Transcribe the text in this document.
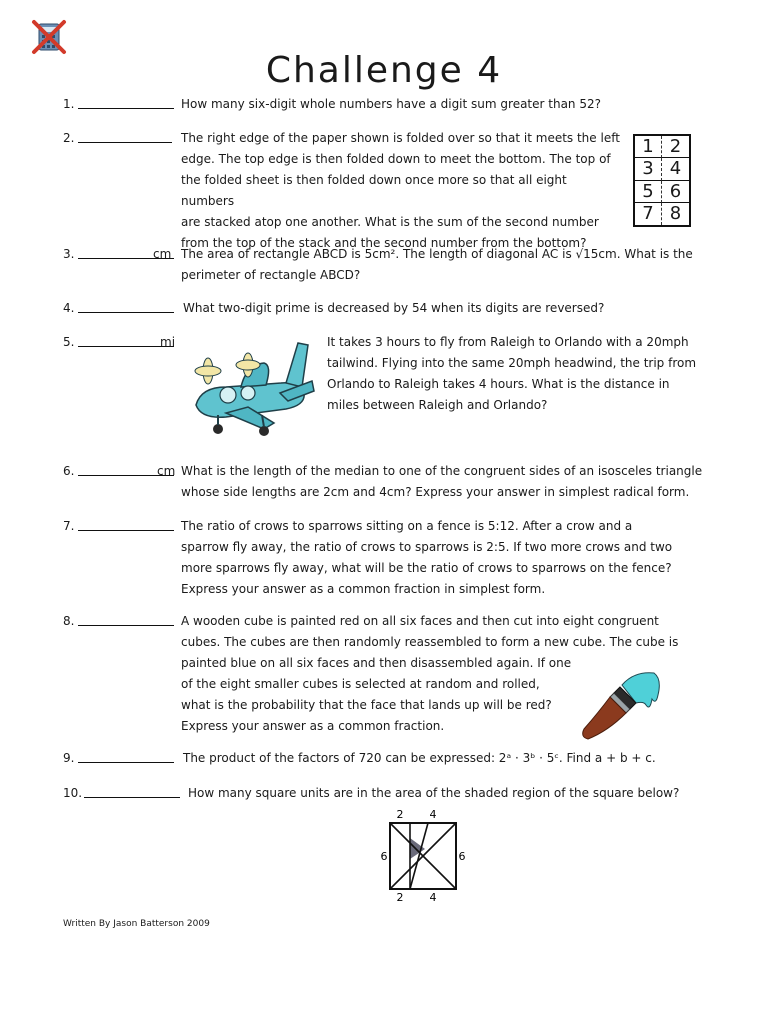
Challenge 4
1.	How many six-digit whole numbers have a digit sum greater than 52?

2.	The right edge of the paper shown is folded over so that it meets the left

edge. The top edge is then folded down to meet the bottom. The top of

the folded sheet is then folded down once more so that all eight numbers

are stacked atop one another. What is the sum of the second number

from the top of the stack and the second number from the bottom?

1 2
3 4
5 6
7 8
3.	cm The area of rectangle ABCD is 5cm². The length of diagonal AC is √15cm. What is the

perimeter of rectangle ABCD?

4.	What two-digit prime is decreased by 54 when its digits are reversed?

5.	mi	It takes 3 hours to fly from Raleigh to Orlando with a 20mph

tailwind. Flying into the same 20mph headwind, the trip from

Orlando to Raleigh takes 4 hours. What is the distance in

miles between Raleigh and Orlando?

6.	cm What is the length of the median to one of the congruent sides of an isosceles triangle

whose side lengths are 2cm and 4cm? Express your answer in simplest radical form.

7.	The ratio of crows to sparrows sitting on a fence is 5:12. After a crow and a

sparrow fly away, the ratio of crows to sparrows is 2:5. If two more crows and two

more sparrows fly away, what will be the ratio of crows to sparrows on the fence?

Express your answer as a common fraction in simplest form.

8.	A wooden cube is painted red on all six faces and then cut into eight congruent

cubes. The cubes are then randomly reassembled to form a new cube. The cube is

painted blue on all six faces and then disassembled again. If one

of the eight smaller cubes is selected at random and rolled,

what is the probability that the face that lands up will be red?

Express your answer as a common fraction.

9.	The product of the factors of 720 can be expressed: 2ᵃ · 3ᵇ · 5ᶜ. Find a + b + c.

10.	How many square units are in the area of the shaded region of the square below?

2 4
2 4
6	6
Written By Jason Batterson 2009
